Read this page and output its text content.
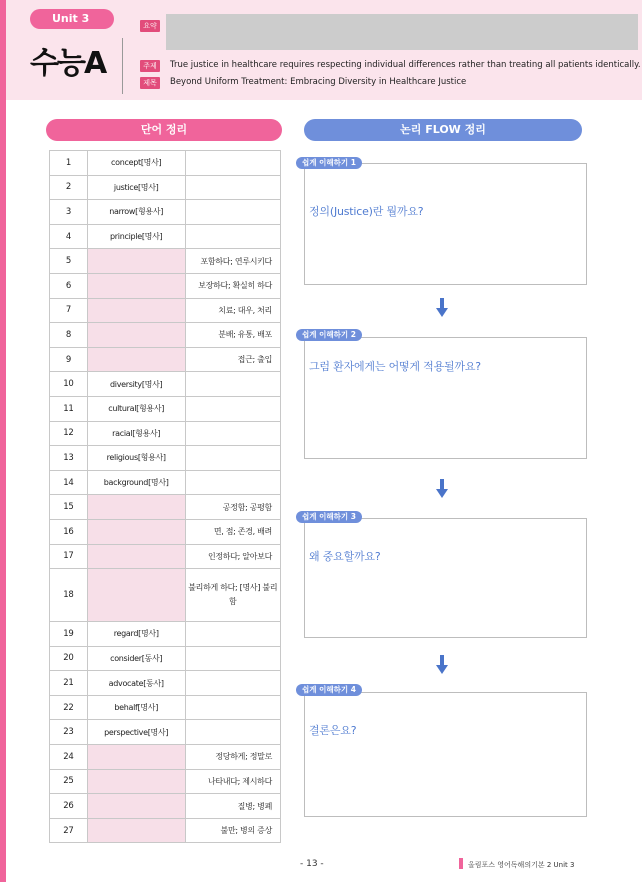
Unit 3
수능A
요약
주제	True justice in healthcare requires respecting individual differences rather than treating all patients identically.
제목	Beyond Uniform Treatment: Embracing Diversity in Healthcare Justice
단어 정리	논리 FLOW 정리
1	concept[명사]	
2	justice[명사]	
3	narrow[형용사]	
4	principle[명사]	
5		포함하다; 연루시키다
6		보장하다; 확실히 하다
7		치료; 대우, 처리
8		분배; 유통, 배포
9		접근; 출입
10	diversity[명사]	
11	cultural[형용사]	
12	racial[형용사]	
13	religious[형용사]	
14	background[명사]	
15		공정함; 공평함
16		면, 점; 존경, 배려
17		인정하다; 알아보다
18		불리하게 하다; [명사] 불리함
19	regard[명사]	
20	consider[동사]	
21	advocate[동사]	
22	behalf[명사]	
23	perspective[명사]	
24		정당하게; 정말로
25		나타내다; 제시하다
26		질병; 병폐
27		불만; 병의 증상
쉽게 이해하기 1
정의(Justice)란 뭘까요?
쉽게 이해하기 2
그럼 환자에게는 어떻게 적용될까요?
쉽게 이해하기 3
왜 중요할까요?
쉽게 이해하기 4
결론은요?
- 13 -	올림포스 영어독해의기본 2 Unit 3
